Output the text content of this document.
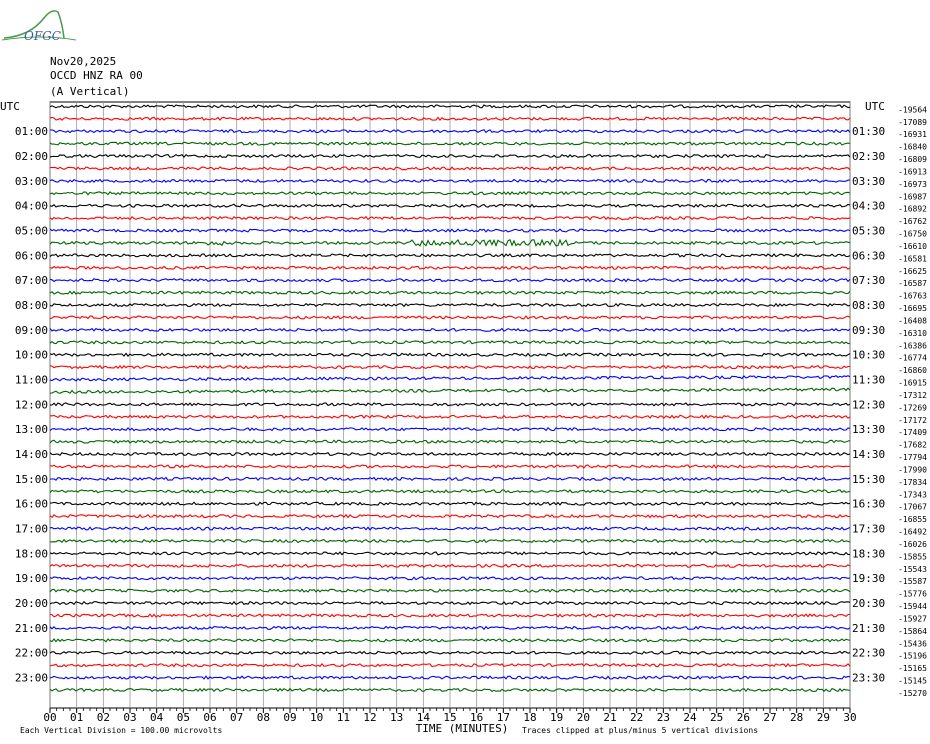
OFGC
Nov20,2025
OCCD HNZ RA 00
(A Vertical)
UTC	UTC
01:00
02:00
03:00
04:00
05:00
06:00
07:00
08:00
09:00
10:00
11:00
12:00
13:00
14:00
15:00
16:00
17:00
18:00
19:00
20:00
21:00
22:00
23:00
01:30
02:30
03:30
04:30
05:30
06:30
07:30
08:30
09:30
10:30
11:30
12:30
13:30
14:30
15:30
16:30
17:30
18:30
19:30
20:30
21:30
22:30
23:30
-19564
-17089
-16931
-16840
-16809
-16913
-16973
-16987
-16892
-16762
-16750
-16610
-16581
-16625
-16587
-16763
-16695
-16408
-16310
-16386
-16774
-16860
-16915
-17312
-17269
-17172
-17409
-17682
-17794
-17990
-17834
-17343
-17067
-16855
-16492
-16026
-15855
-15543
-15587
-15776
-15944
-15927
-15864
-15436
-15196
-15165
-15145
-15270
00 01 02 03 04 05 06 07 08 09 10 11 12 13 14 15 16 17 18 19 20 21 22 23 24 25 26 27 28 29 30
TIME (MINUTES)
Each Vertical Division = 100.00 microvolts	Traces clipped at plus/minus 5 vertical divisions
